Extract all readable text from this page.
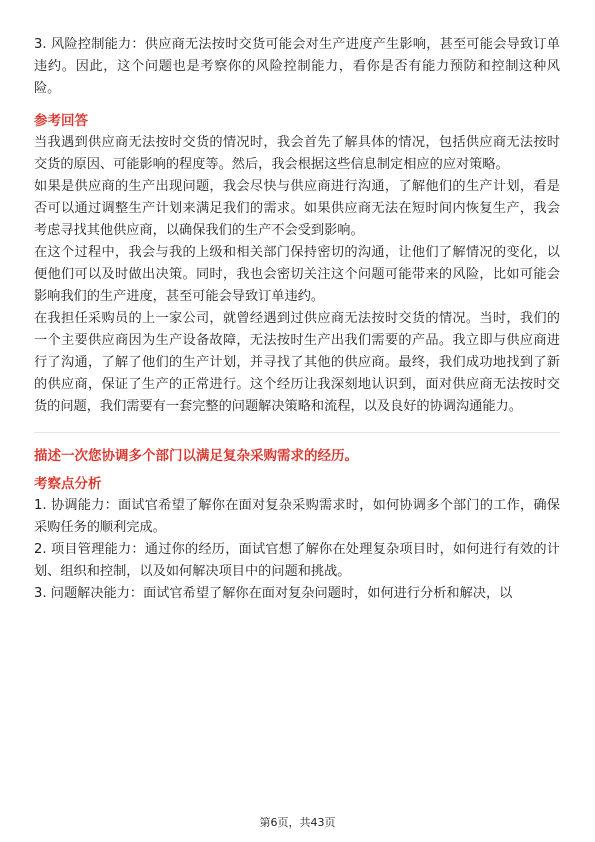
3. 风险控制能力：供应商无法按时交货可能会对生产进度产生影响，甚至可能会导致订单违约。因此，这个问题也是考察你的风险控制能力，看你是否有能力预防和控制这种风险。

参考回答

当我遇到供应商无法按时交货的情况时，我会首先了解具体的情况，包括供应商无法按时交货的原因、可能影响的程度等。然后，我会根据这些信息制定相应的应对策略。

如果是供应商的生产出现问题，我会尽快与供应商进行沟通，了解他们的生产计划，看是否可以通过调整生产计划来满足我们的需求。如果供应商无法在短时间内恢复生产，我会考虑寻找其他供应商，以确保我们的生产不会受到影响。

在这个过程中，我会与我的上级和相关部门保持密切的沟通，让他们了解情况的变化，以便他们可以及时做出决策。同时，我也会密切关注这个问题可能带来的风险，比如可能会影响我们的生产进度，甚至可能会导致订单违约。

在我担任采购员的上一家公司，就曾经遇到过供应商无法按时交货的情况。当时，我们的一个主要供应商因为生产设备故障，无法按时生产出我们需要的产品。我立即与供应商进行了沟通，了解了他们的生产计划，并寻找了其他的供应商。最终，我们成功地找到了新的供应商，保证了生产的正常进行。这个经历让我深刻地认识到，面对供应商无法按时交货的问题，我们需要有一套完整的问题解决策略和流程，以及良好的协调沟通能力。

描述一次您协调多个部门以满足复杂采购需求的经历。

考察点分析

1. 协调能力：面试官希望了解你在面对复杂采购需求时，如何协调多个部门的工作，确保采购任务的顺利完成。

2. 项目管理能力：通过你的经历，面试官想了解你在处理复杂项目时，如何进行有效的计划、组织和控制，以及如何解决项目中的问题和挑战。

3. 问题解决能力：面试官希望了解你在面对复杂问题时，如何进行分析和解决，以

第6页，共43页
